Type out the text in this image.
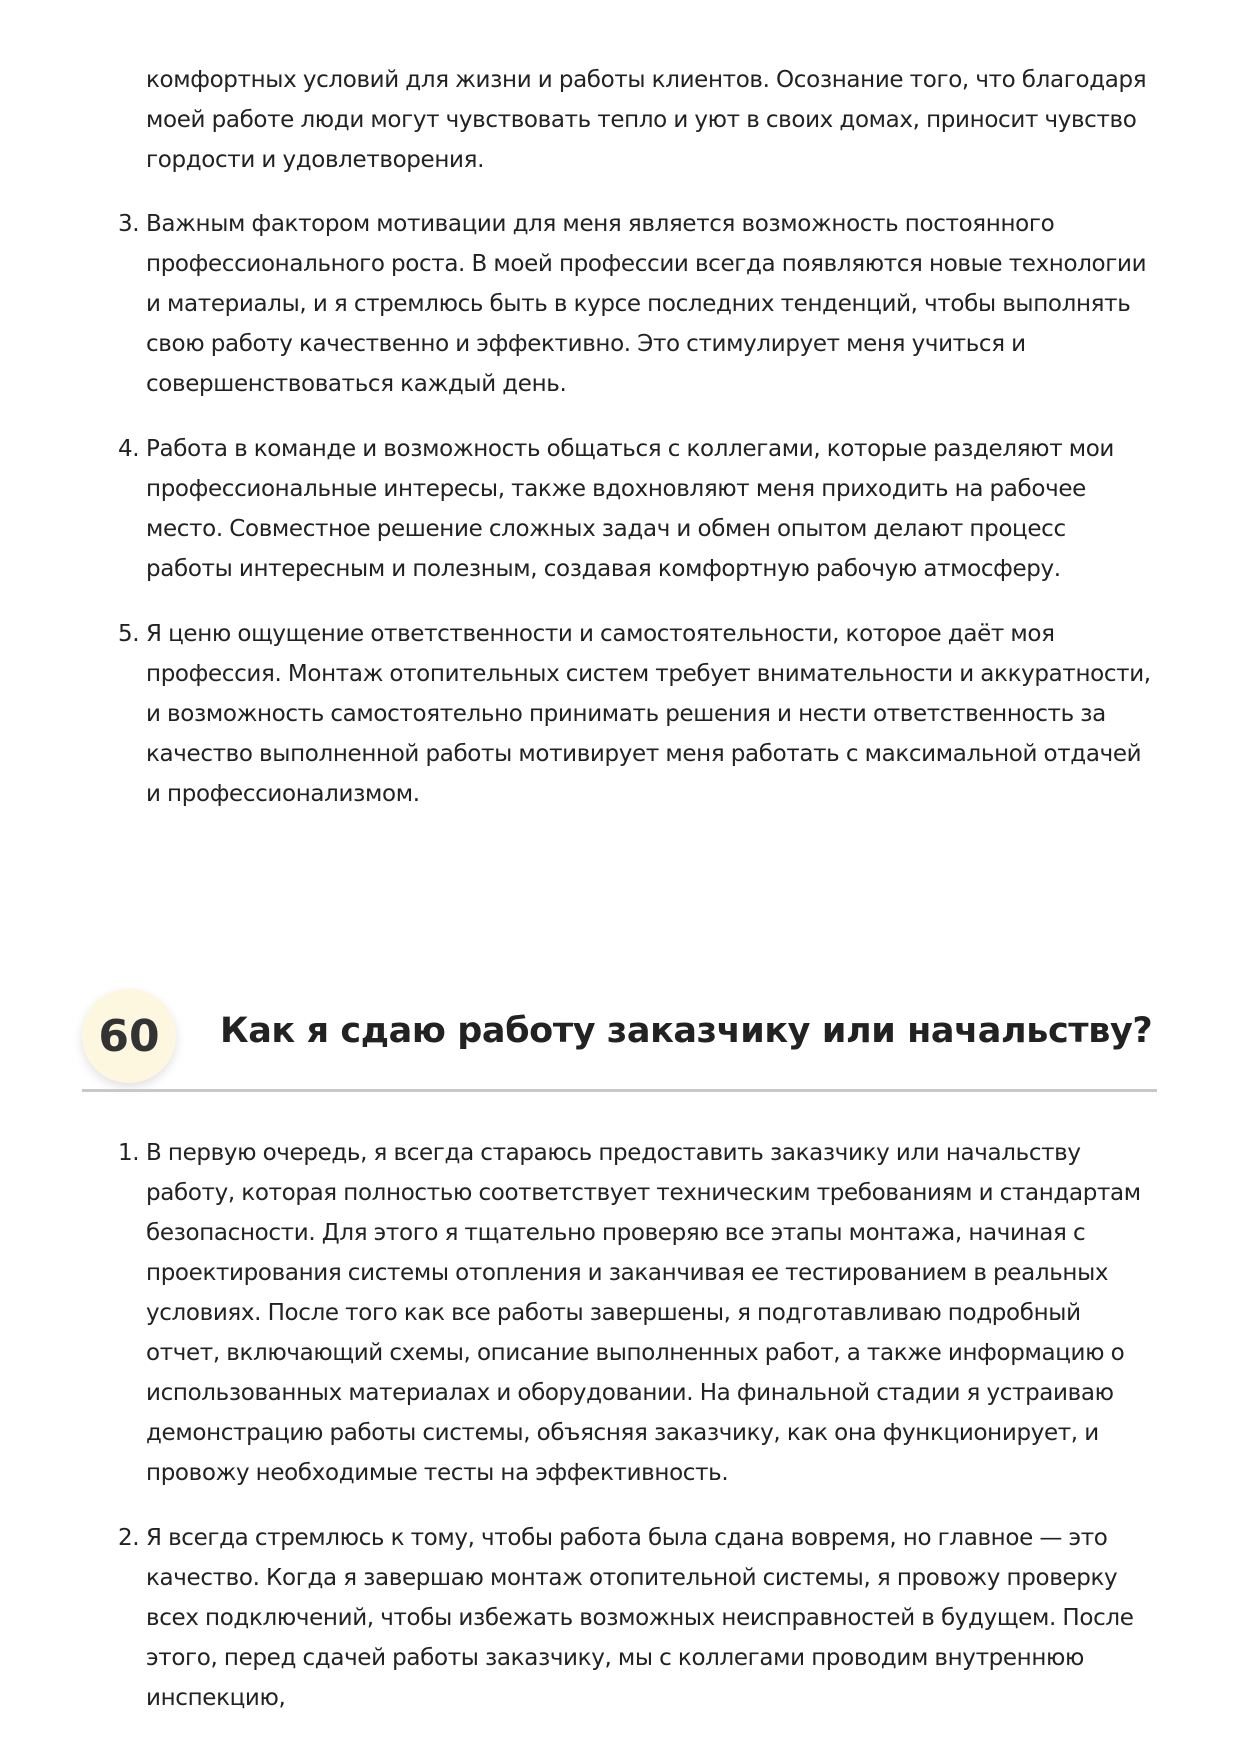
комфортных условий для жизни и работы клиентов. Осознание того, что благодаря моей работе люди могут чувствовать тепло и уют в своих домах, приносит чувство гордости и удовлетворения.
3. Важным фактором мотивации для меня является возможность постоянного профессионального роста. В моей профессии всегда появляются новые технологии и материалы, и я стремлюсь быть в курсе последних тенденций, чтобы выполнять свою работу качественно и эффективно. Это стимулирует меня учиться и совершенствоваться каждый день.
4. Работа в команде и возможность общаться с коллегами, которые разделяют мои профессиональные интересы, также вдохновляют меня приходить на рабочее место. Совместное решение сложных задач и обмен опытом делают процесс работы интересным и полезным, создавая комфортную рабочую атмосферу.
5. Я ценю ощущение ответственности и самостоятельности, которое даёт моя профессия. Монтаж отопительных систем требует внимательности и аккуратности, и возможность самостоятельно принимать решения и нести ответственность за качество выполненной работы мотивирует меня работать с максимальной отдачей и профессионализмом.
60	Как я сдаю работу заказчику или начальству?
1. В первую очередь, я всегда стараюсь предоставить заказчику или начальству работу, которая полностью соответствует техническим требованиям и стандартам безопасности. Для этого я тщательно проверяю все этапы монтажа, начиная с проектирования системы отопления и заканчивая ее тестированием в реальных условиях. После того как все работы завершены, я подготавливаю подробный отчет, включающий схемы, описание выполненных работ, а также информацию о использованных материалах и оборудовании. На финальной стадии я устраиваю демонстрацию работы системы, объясняя заказчику, как она функционирует, и провожу необходимые тесты на эффективность.
2. Я всегда стремлюсь к тому, чтобы работа была сдана вовремя, но главное — это качество. Когда я завершаю монтаж отопительной системы, я провожу проверку всех подключений, чтобы избежать возможных неисправностей в будущем. После этого, перед сдачей работы заказчику, мы с коллегами проводим внутреннюю инспекцию,
